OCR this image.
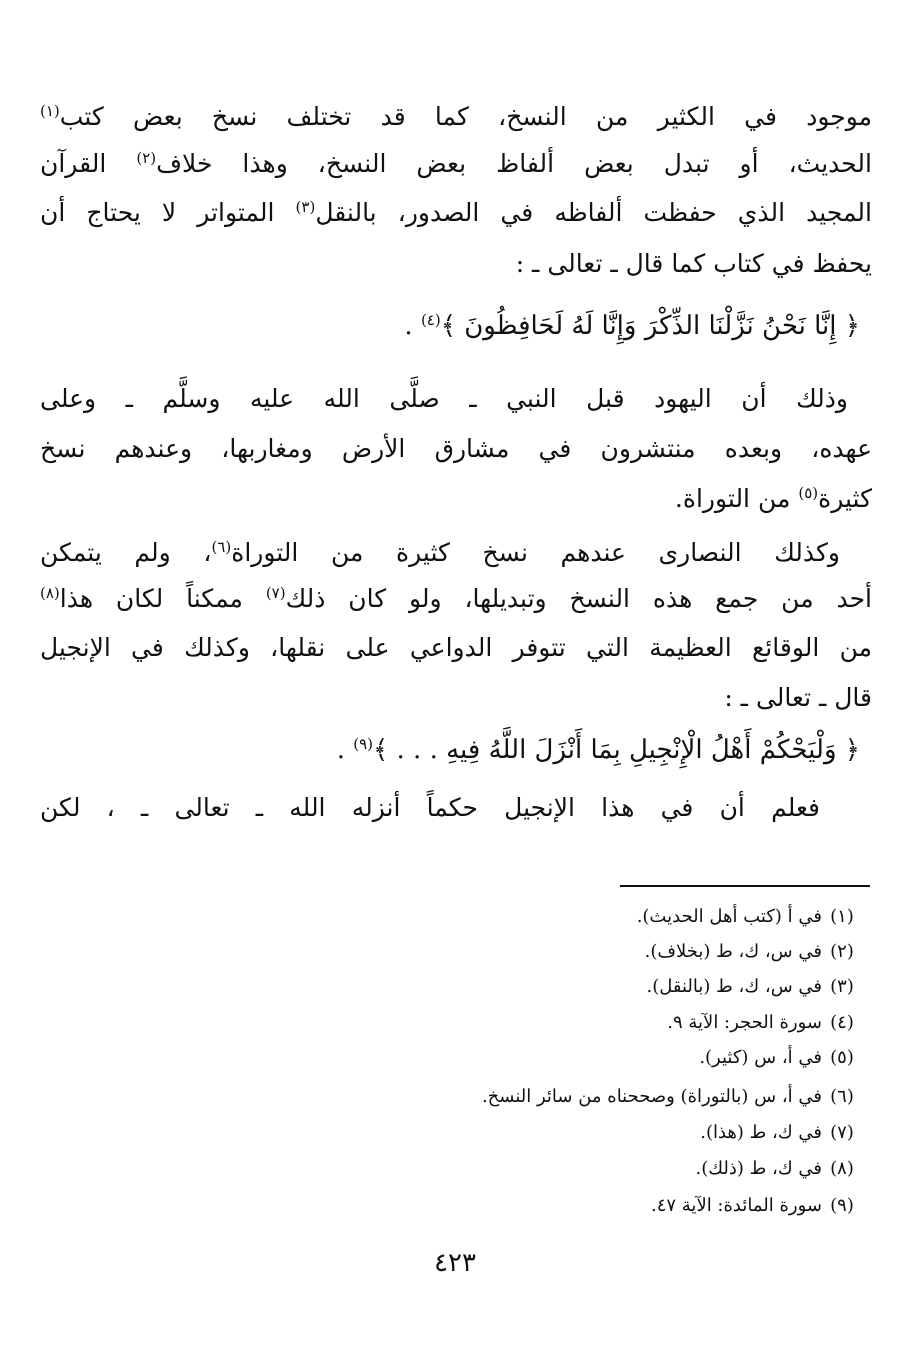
موجود في الكثير من النسخ، كما قد تختلف نسخ بعض كتب$^{(١)}$
الحديث، أو تبدل بعض ألفاظ بعض النسخ، وهذا خلاف$^{(٢)}$ القرآن
المجيد الذي حفظت ألفاظه في الصدور، بالنقل$^{(٣)}$ المتواتر لا يحتاج أن
يحفظ في كتاب كما قال ـ تعالى ـ :
﴿ إِنَّا نَحْنُ نَزَّلْنَا الذِّكْرَ وَإِنَّا لَهُ لَحَافِظُونَ ﴾$^{(٤)}$ .
وذلك أن اليهود قبل النبي ـ صلَّى الله عليه وسلَّم ـ وعلى
عهده، وبعده منتشرون في مشارق الأرض ومغاربها، وعندهم نسخ
كثيرة$^{(٥)}$ من التوراة.
وكذلك النصارى عندهم نسخ كثيرة من التوراة$^{(٦)}$، ولم يتمكن
أحد من جمع هذه النسخ وتبديلها، ولو كان ذلك$^{(٧)}$ ممكناً لكان هذا$^{(٨)}$
من الوقائع العظيمة التي تتوفر الدواعي على نقلها، وكذلك في الإنجيل
قال ـ تعالى ـ :
﴿ وَلْيَحْكُمْ أَهْلُ الْإِنْجِيلِ بِمَا أَنْزَلَ اللَّهُ فِيهِ . . . ﴾$^{(٩)}$ .
فعلم أن في هذا الإنجيل حكماً أنزله الله ـ تعالى ـ ، لكن
(١)في أ (كتب أهل الحديث).
(٢)في س، ك، ط (بخلاف).
(٣)في س، ك، ط (بالنقل).
(٤)سورة الحجر: الآية ٩.
(٥)في أ، س (كثير).
(٦)في أ، س (بالتوراة) وصححناه من سائر النسخ.
(٧)في ك، ط (هذا).
(٨)في ك، ط (ذلك).
(٩)سورة المائدة: الآية ٤٧.
٤٢٣
